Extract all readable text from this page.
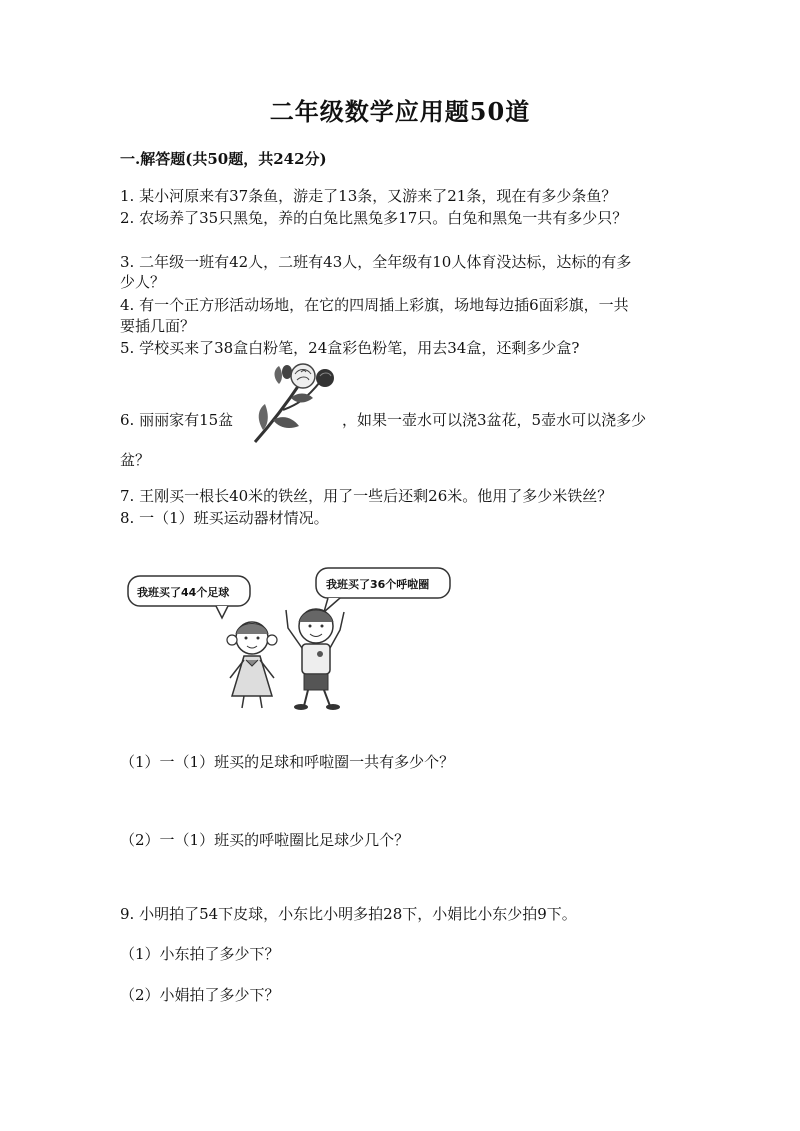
二年级数学应用题50道
一.解答题(共50题，共242分)
1. 某小河原来有37条鱼，游走了13条，又游来了21条，现在有多少条鱼？
2. 农场养了35只黑兔，养的白兔比黑兔多17只。白兔和黑兔一共有多少只？
3. 二年级一班有42人，二班有43人，全年级有10人体育没达标，达标的有多
少人？
4. 有一个正方形活动场地，在它的四周插上彩旗，场地每边插6面彩旗，一共
要插几面？
5. 学校买来了38盒白粉笔，24盒彩色粉笔，用去34盒，还剩多少盒?
6. 丽丽家有15盆	，如果一壶水可以浇3盆花，5壶水可以浇多少
盆？
7. 王刚买一根长40米的铁丝，用了一些后还剩26米。他用了多少米铁丝？
8. 一（1）班买运动器材情况。
我班买了44个足球
我班买了36个呼啦圈
（1）一（1）班买的足球和呼啦圈一共有多少个？
（2）一（1）班买的呼啦圈比足球少几个？
9. 小明拍了54下皮球，小东比小明多拍28下，小娟比小东少拍9下。
（1）小东拍了多少下？
（2）小娟拍了多少下？
